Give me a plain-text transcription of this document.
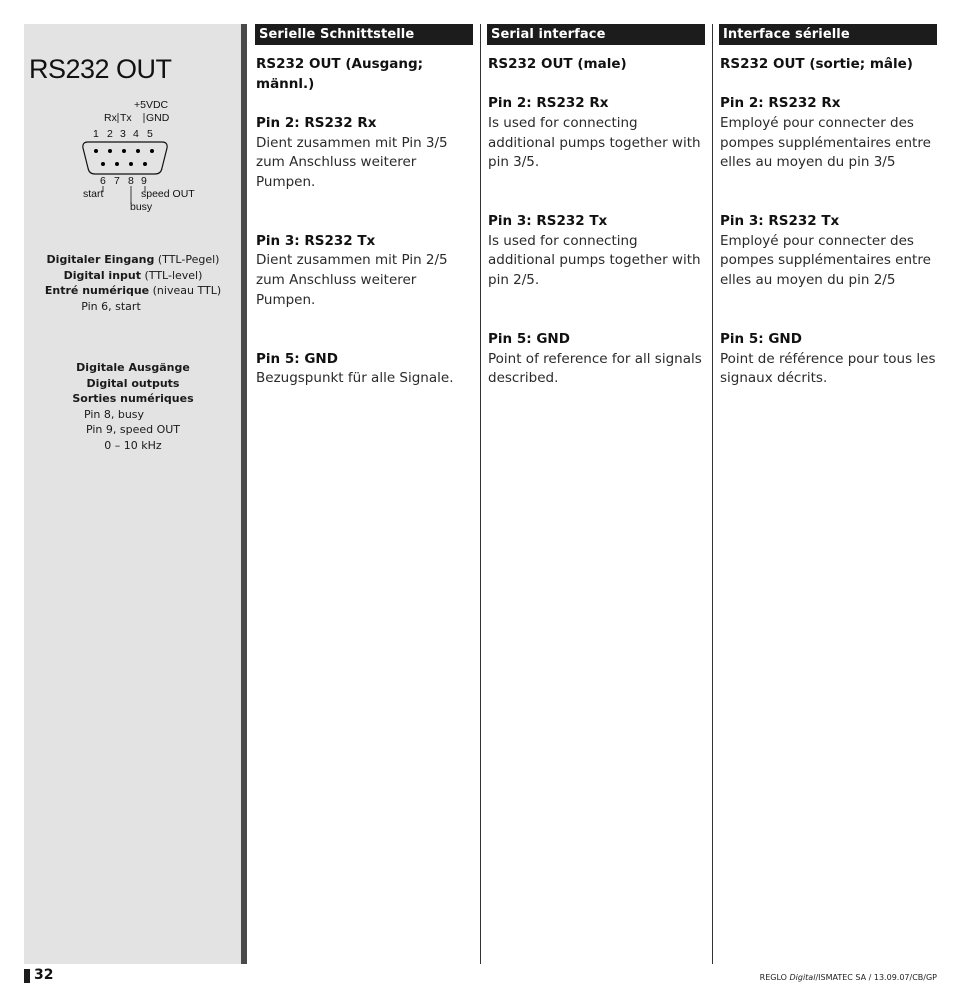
RS232 OUT
+5VDC
Rx Tx GND
1 2 3 4 5
6 7 8 9
start	speed OUT
busy
Digitaler Eingang (TTL-Pegel)
Digital input (TTL-level)
Entré numérique (niveau TTL)
Pin 6, start
Digitale Ausgänge
Digital outputs
Sorties numériques
Pin 8, busy
Pin 9, speed OUT
0 – 10 kHz
Serielle Schnittstelle
RS232 OUT (Ausgang; männl.)
Pin 2: RS232 Rx
Dient zusammen mit Pin 3/5 zum Anschluss weiterer Pumpen.
Pin 3: RS232 Tx
Dient zusammen mit Pin 2/5 zum Anschluss weiterer Pumpen.
Pin 5: GND
Bezugspunkt für alle Signale.
Serial interface
RS232 OUT (male)
Pin 2: RS232 Rx
Is used for connecting additional pumps together with pin 3/5.
Pin 3: RS232 Tx
Is used for connecting additional pumps together with pin 2/5.
Pin 5: GND
Point of reference for all signals described.
Interface sérielle
RS232 OUT (sortie; mâle)
Pin 2: RS232 Rx
Employé pour connecter des pompes supplémentaires entre elles au moyen du pin 3/5
Pin 3: RS232 Tx
Employé pour connecter des pompes supplémentaires entre elles au moyen du pin 2/5
Pin 5: GND
Point de référence pour tous les signaux décrits.
32	REGLO Digital/ISMATEC SA / 13.09.07/CB/GP
